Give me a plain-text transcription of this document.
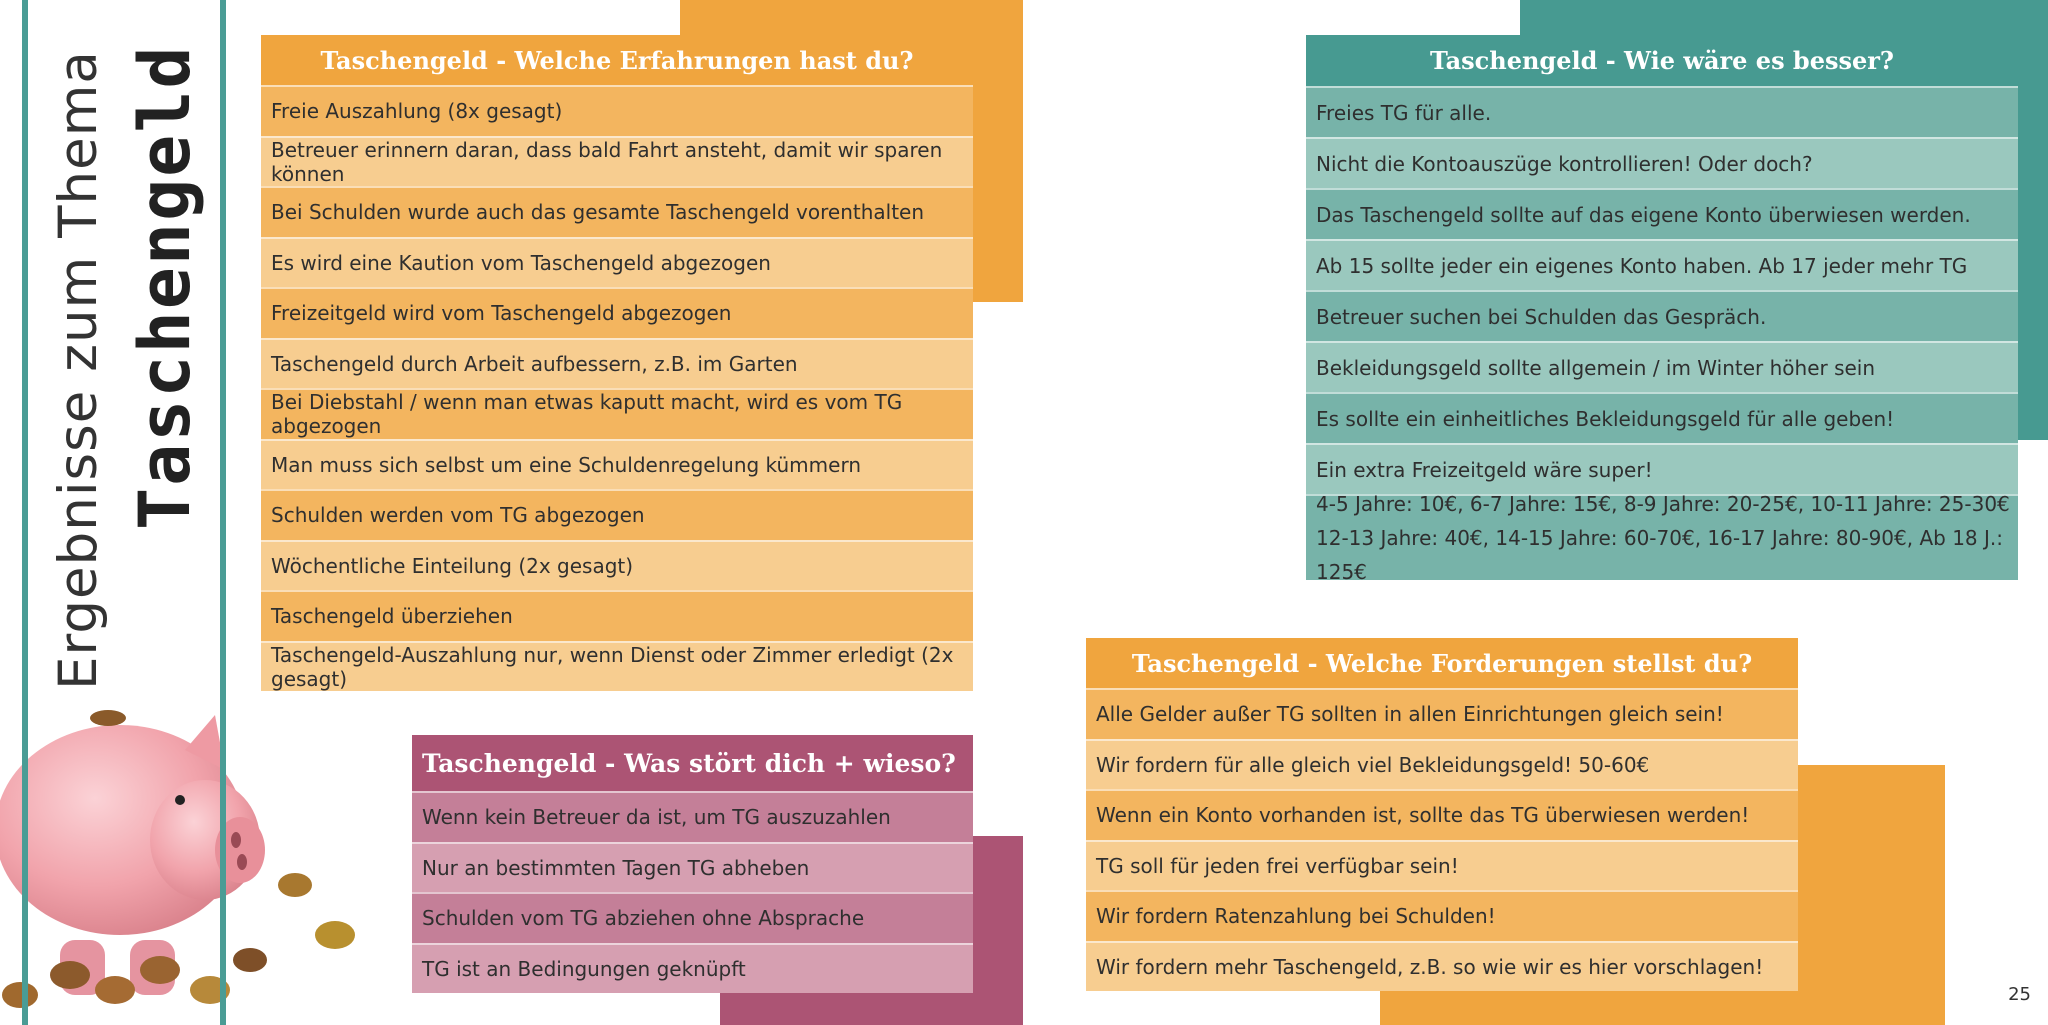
Ergebnisse zum Thema Taschengeld	Taschengeld - Welche Erfahrungen hast du?
Freie Auszahlung (8x gesagt)
Betreuer erinnern daran, dass bald Fahrt ansteht, damit wir sparen können
Bei Schulden wurde auch das gesamte Taschengeld vorenthalten
Es wird eine Kaution vom Taschengeld abgezogen
Freizeitgeld wird vom Taschengeld abgezogen
Taschengeld durch Arbeit aufbessern, z.B. im Garten
Bei Diebstahl / wenn man etwas kaputt macht, wird es vom TG abgezogen
Man muss sich selbst um eine Schuldenregelung kümmern
Schulden werden vom TG abgezogen
Wöchentliche Einteilung (2x gesagt)
Taschengeld überziehen
Taschengeld-Auszahlung nur, wenn Dienst oder Zimmer erledigt (2x gesagt)
Taschengeld - Was stört dich + wieso?
Wenn kein Betreuer da ist, um TG auszuzahlen
Nur an bestimmten Tagen TG abheben
Schulden vom TG abziehen ohne Absprache
TG ist an Bedingungen geknüpft
Taschengeld - Wie wäre es besser?
Freies TG für alle.
Nicht die Kontoauszüge kontrollieren! Oder doch?
Das Taschengeld sollte auf das eigene Konto überwiesen werden.
Ab 15 sollte jeder ein eigenes Konto haben. Ab 17 jeder mehr TG
Betreuer suchen bei Schulden das Gespräch.
Bekleidungsgeld sollte allgemein / im Winter höher sein
Es sollte ein einheitliches Bekleidungsgeld für alle geben!
Ein extra Freizeitgeld wäre super!
4-5 Jahre: 10€, 6-7 Jahre: 15€, 8-9 Jahre: 20-25€, 10-11 Jahre: 25-30€
12-13 Jahre: 40€, 14-15 Jahre: 60-70€, 16-17 Jahre: 80-90€, Ab 18 J.: 125€
Taschengeld - Welche Forderungen stellst du?
Alle Gelder außer TG sollten in allen Einrichtungen gleich sein!
Wir fordern für alle gleich viel Bekleidungsgeld! 50-60€
Wenn ein Konto vorhanden ist, sollte das TG überwiesen werden!
TG soll für jeden frei verfügbar sein!
Wir fordern Ratenzahlung bei Schulden!
Wir fordern mehr Taschengeld, z.B. so wie wir es hier vorschlagen!
25
